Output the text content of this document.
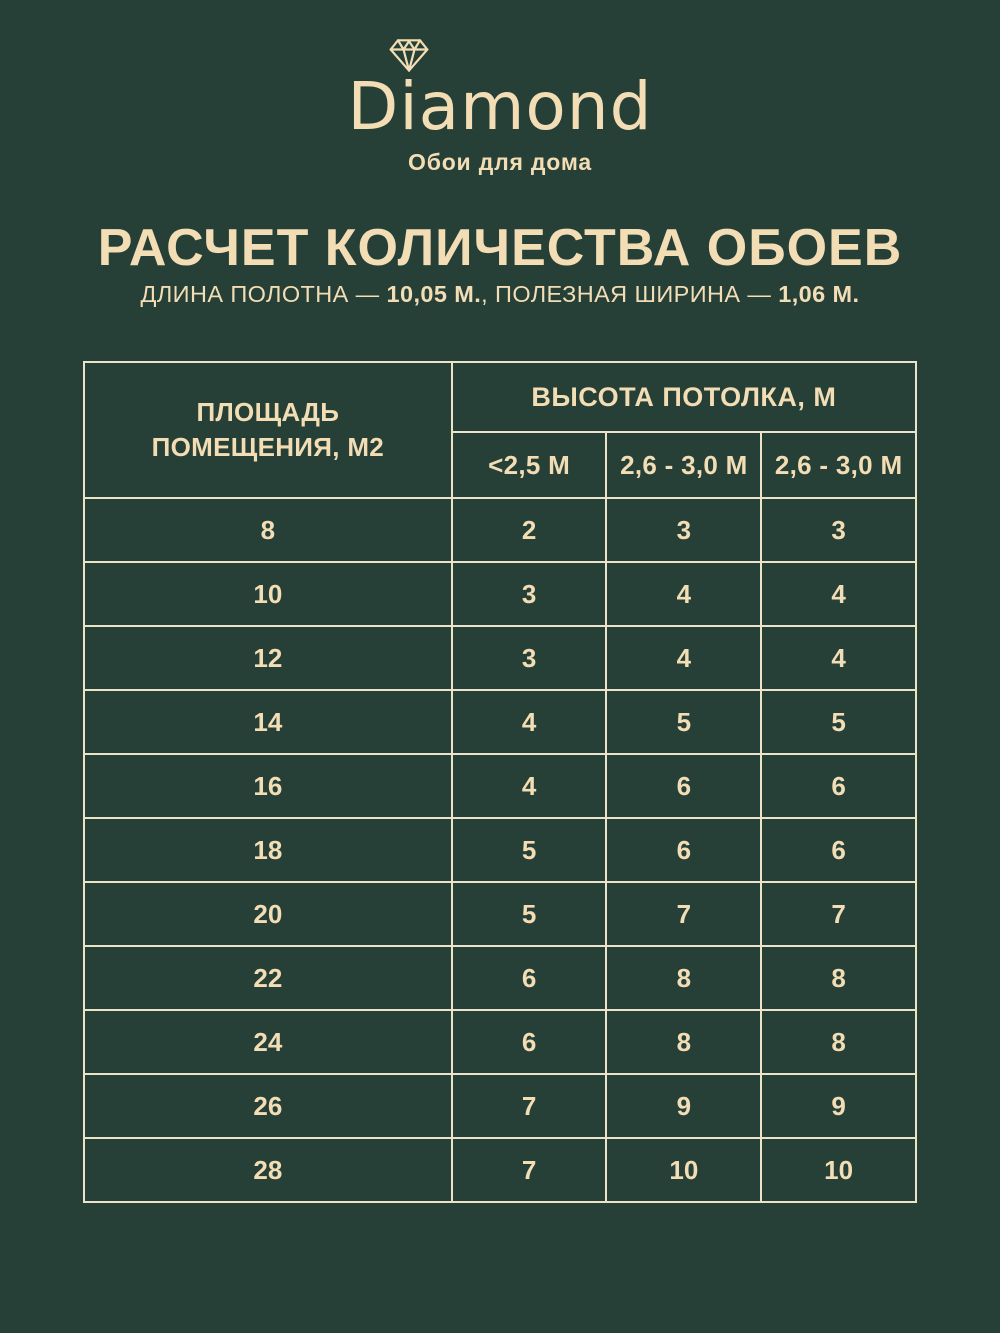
Diamond
Обои для дома
РАСЧЕТ КОЛИЧЕСТВА ОБОЕВ
ДЛИНА ПОЛОТНА — 10,05 М., ПОЛЕЗНАЯ ШИРИНА — 1,06 М.
ПЛОЩАДЬ
ПОМЕЩЕНИЯ, М2	ВЫСОТА ПОТОЛКА, М		
	<2,5 М	2,6 - 3,0 М	2,6 - 3,0 М
8	2	3	3
10	3	4	4
12	3	4	4
14	4	5	5
16	4	6	6
18	5	6	6
20	5	7	7
22	6	8	8
24	6	8	8
26	7	9	9
28	7	10	10
